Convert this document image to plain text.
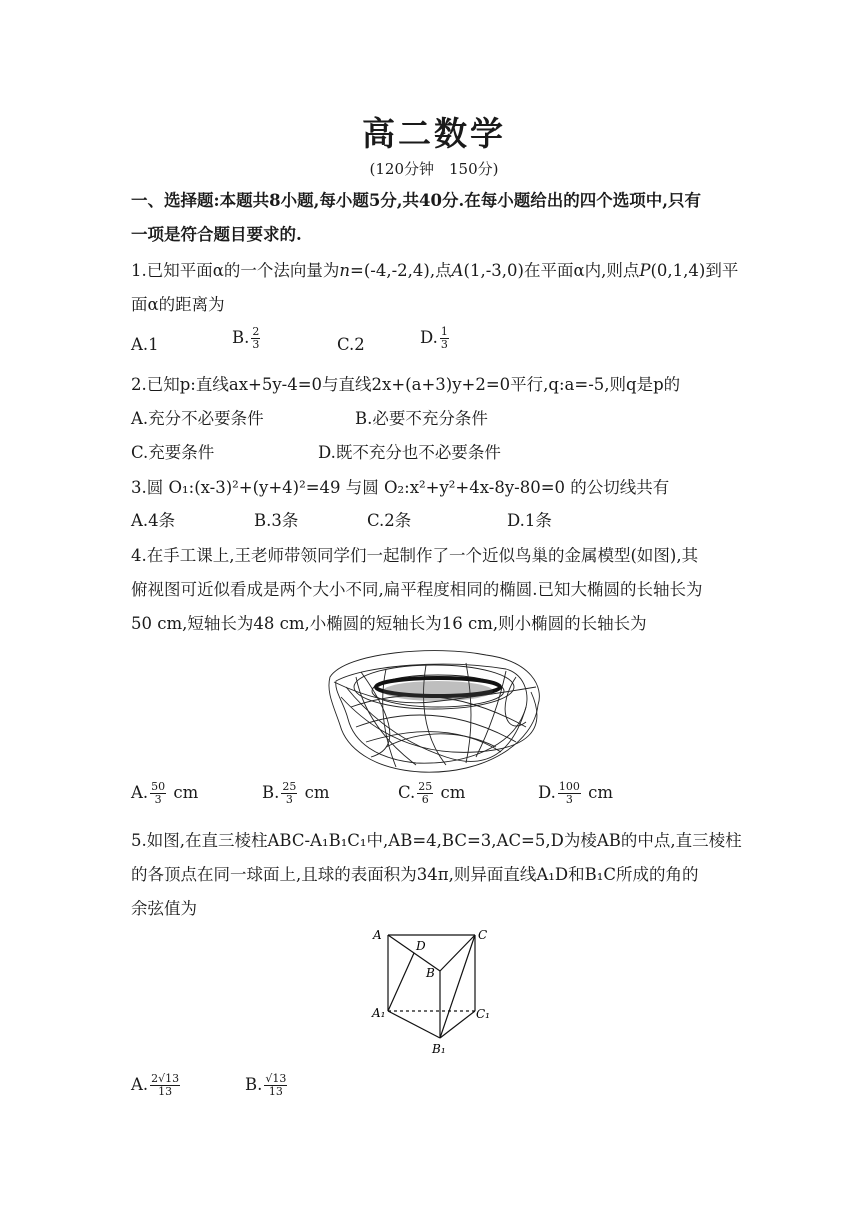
高二数学
(120分钟　150分)
一、选择题:本题共8小题,每小题5分,共40分.在每小题给出的四个选项中,只有
一项是符合题目要求的.
1.已知平面α的一个法向量为n=(-4,-2,4),点A(1,-3,0)在平面α内,则点P(0,1,4)到平
面α的距离为
A.1	B. $\frac{2}{3}$	C.2	D. $\frac{1}{3}$
2.已知p:直线ax+5y-4=0与直线2x+(a+3)y+2=0平行,q:a=-5,则q是p的
A.充分不必要条件	B.必要不充分条件
C.充要条件	D.既不充分也不必要条件
3.圆 O₁:(x-3)²+(y+4)²=49 与圆 O₂:x²+y²+4x-8y-80=0 的公切线共有
A.4条	B.3条	C.2条	D.1条
4.在手工课上,王老师带领同学们一起制作了一个近似鸟巢的金属模型(如图),其
俯视图可近似看成是两个大小不同,扁平程度相同的椭圆.已知大椭圆的长轴长为
50 cm,短轴长为48 cm,小椭圆的短轴长为16 cm,则小椭圆的长轴长为
A. $\frac{50}{3}$ cm	B. $\frac{25}{3}$ cm	C. $\frac{25}{6}$ cm	D. $\frac{100}{3}$ cm
5.如图,在直三棱柱ABC-A₁B₁C₁中,AB=4,BC=3,AC=5,D为棱AB的中点,直三棱柱
的各顶点在同一球面上,且球的表面积为34π,则异面直线A₁D和B₁C所成的角的
余弦值为
A	C
D
B
A₁	C₁
B₁
A. $\frac{2√13}{13}$	B. $\frac{√13}{13}$
